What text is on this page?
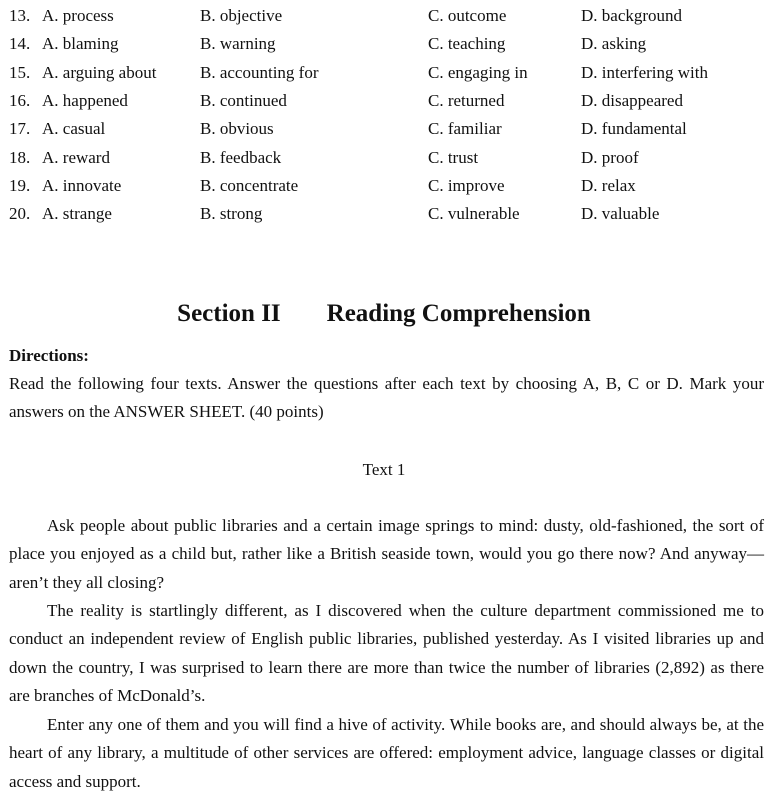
13. A. process	B. objective	C. outcome	D. background
14. A. blaming	B. warning	C. teaching	D. asking
15. A. arguing about	B. accounting for	C. engaging in	D. interfering with
16. A. happened	B. continued	C. returned	D. disappeared
17. A. casual	B. obvious	C. familiar	D. fundamental
18. A. reward	B. feedback	C. trust	D. proof
19. A. innovate	B. concentrate	C. improve	D. relax
20. A. strange	B. strong	C. vulnerable	D. valuable
Section II Reading Comprehension
Directions:

Read the following four texts. Answer the questions after each text by choosing A, B, C or D. Mark your answers on the ANSWER SHEET. (40 points)

Text 1

Ask people about public libraries and a certain image springs to mind: dusty, old-fashioned, the sort of place you enjoyed as a child but, rather like a British seaside town, would you go there now? And anyway—aren’t they all closing?

The reality is startlingly different, as I discovered when the culture department commissioned me to conduct an independent review of English public libraries, published yesterday. As I visited libraries up and down the country, I was surprised to learn there are more than twice the number of libraries (2,892) as there are branches of McDonald’s.

Enter any one of them and you will find a hive of activity. While books are, and should always be, at the heart of any library, a multitude of other services are offered: employment advice, language classes or digital access and support.
